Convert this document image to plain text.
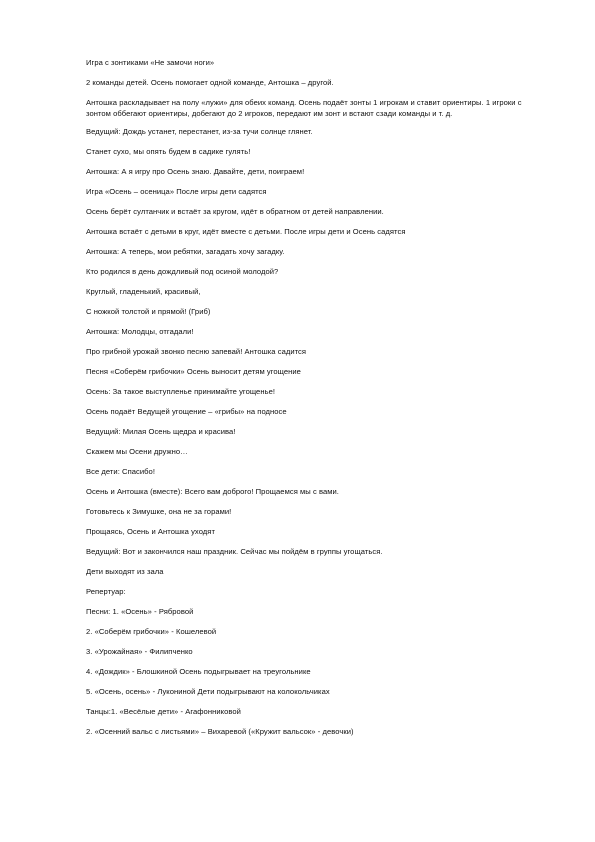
Игра с зонтиками «Не замочи ноги»

2 команды детей. Осень помогает одной команде, Антошка – другой.

Антошка раскладывает на полу «лужи» для обеих команд. Осень подаёт зонты 1 игрокам и ставит ориентиры. 1 игроки с зонтом оббегают ориентиры, добегают до 2 игроков, передают им зонт и встают сзади команды и т. д.

Ведущий: Дождь устанет, перестанет, из-за тучи солнце глянет.

Станет сухо, мы опять будем в садике гулять!

Антошка: А я игру про Осень знаю. Давайте, дети, поиграем!

Игра «Осень – осеница» После игры дети садятся

Осень берёт султанчик и встаёт за кругом, идёт в обратном от детей направлении.

Антошка встаёт с детьми в круг, идёт вместе с детьми. После игры дети и Осень садятся

Антошка: А теперь, мои ребятки, загадать хочу загадку.

Кто родился в день дождливый под осиной молодой?

Круглый, гладенький, красивый,

С ножкой толстой и прямой! (Гриб)

Антошка: Молодцы, отгадали!

Про грибной урожай звонко песню запевай! Антошка садится

Песня «Соберём грибочки» Осень выносит детям угощение

Осень: За такое выступленье принимайте угощенье!

Осень подаёт Ведущей угощение – «грибы» на подносе

Ведущий: Милая Осень щедра и красива!

Скажем мы Осени дружно…

Все дети: Спасибо!

Осень и Антошка (вместе): Всего вам доброго! Прощаемся мы с вами.

Готовьтесь к Зимушке, она не за горами!

Прощаясь, Осень и Антошка уходят

Ведущий: Вот и закончился наш праздник. Сейчас мы пойдём в группы угощаться.

Дети выходят из зала

Репертуар:

Песни: 1. «Осень» - Рябровой

2. «Соберём грибочки» - Кошелевой

3. «Урожайная» - Филипченко

4. «Дождик» - Блошкиной Осень подыгрывает на треугольнике

5. «Осень, осень» - Лукониной Дети подыгрывают на колокольчиках

Танцы:1. «Весёлые дети» - Агафонниковой

2. «Осенний вальс с листьями» – Вихаревой («Кружит вальсок» - девочки)
